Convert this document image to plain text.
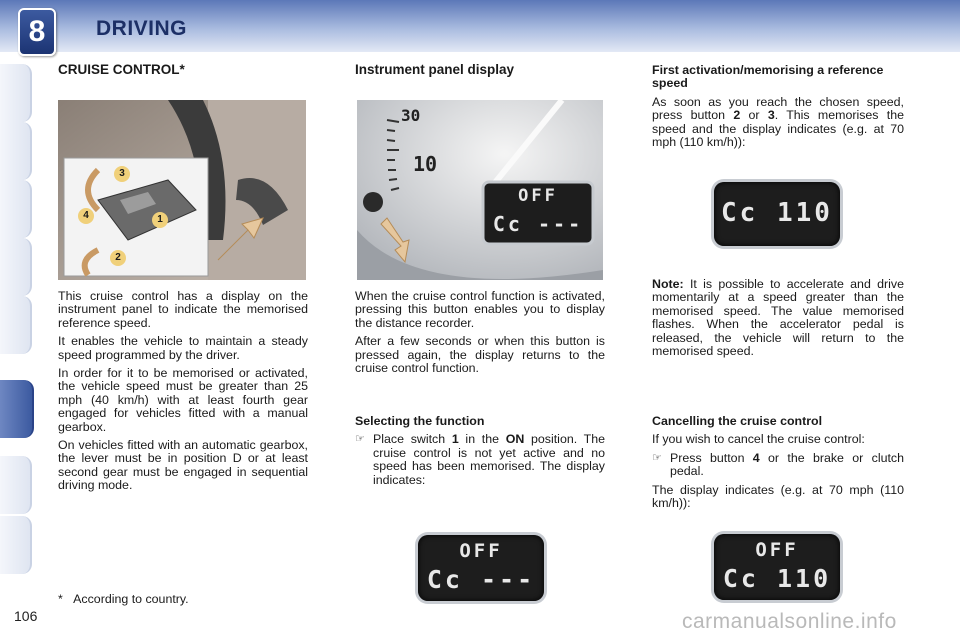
8	DRIVING
CRUISE CONTROL*
3
4	1
2

This cruise control has a display on the instrument panel to indicate the memorised reference speed.

It enables the vehicle to maintain a steady speed programmed by the driver.

In order for it to be memorised or activated, the vehicle speed must be greater than 25 mph (40 km/h) with at least fourth gear engaged for vehicles fitted with a manual gearbox.

On vehicles fitted with an automatic gearbox, the lever must be in position D or at least second gear must be engaged in sequential driving mode.

Instrument panel display
30
10
OFF
Cc ---

When the cruise control function is activated, pressing this button enables you to display the distance recorder.

After a few seconds or when this button is pressed again, the display returns to the cruise control function.

Selecting the function
☞ Place switch 1 in the ON position. The cruise control is not yet active and no speed has been memorised. The display indicates:
OFF
Cc ---
First activation/memorising a reference speed

As soon as you reach the chosen speed, press button 2 or 3. This memorises the speed and the display indicates (e.g. at 70 mph (110 km/h)):

Cc 110

Note: It is possible to accelerate and drive momentarily at a speed greater than the memorised speed. The value memorised flashes. When the accelerator pedal is released, the vehicle will return to the memorised speed.

Cancelling the cruise control

If you wish to cancel the cruise control:

☞ Press button 4 or the brake or clutch pedal.

The display indicates (e.g. at 70 mph (110 km/h)):

OFF
Cc 110
* According to country.
106	carmanualsonline.info
